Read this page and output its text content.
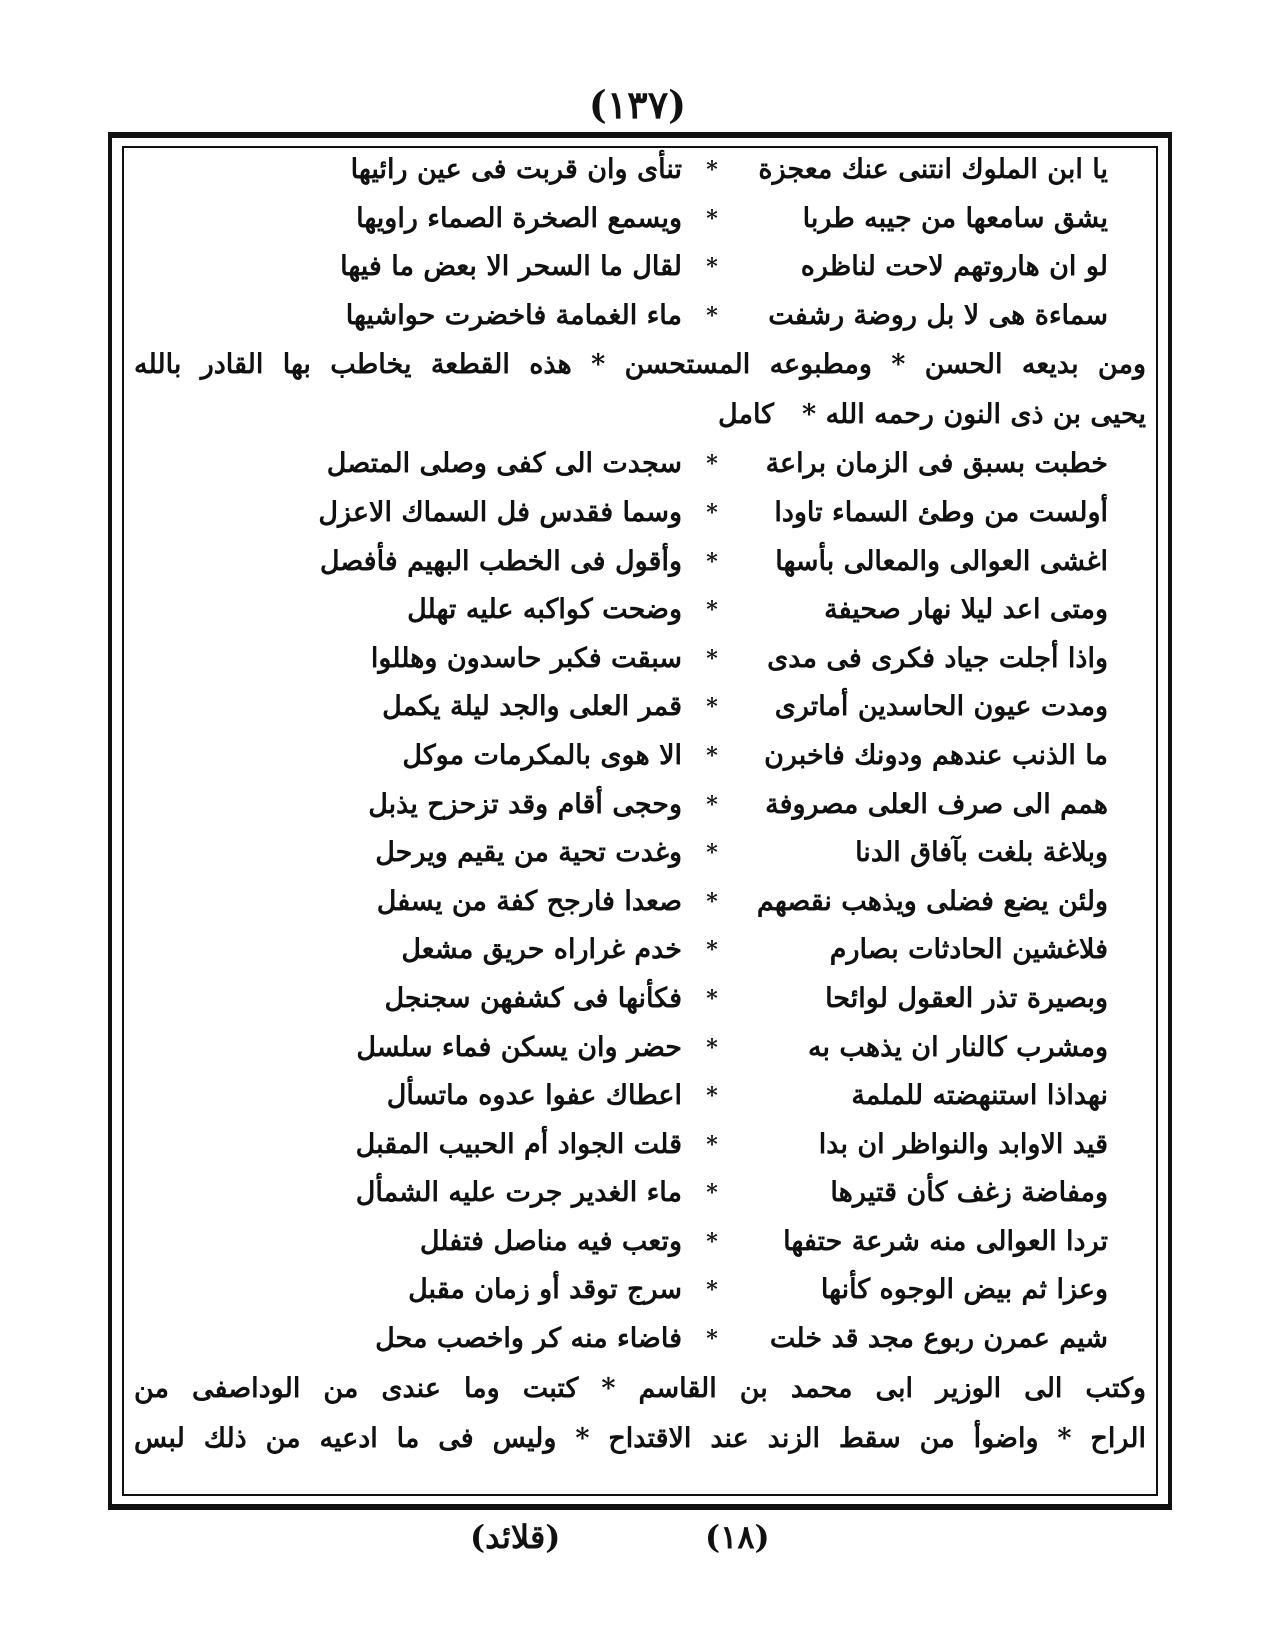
(١٣٧)
يا ابن الملوك انتنى عنك معجزة
*
تنأى وان قربت فى عين رائيها
يشق سامعها من جيبه طربا
*
ويسمع الصخرة الصماء راويها
لو ان هاروتهم لاحت لناظره
*
لقال ما السحر الا بعض ما فيها
سماءة هى لا بل روضة رشفت
*
ماء الغمامة فاخضرت حواشيها
ومن بديعه الحسن * ومطبوعه المستحسن * هذه القطعة يخاطب بها القادر بالله
يحيى بن ذى النون رحمه الله *
كامل
خطبت بسبق فى الزمان براعة
*
سجدت الى كفى وصلى المتصل
أولست من وطئ السماء تاودا
*
وسما فقدس فل السماك الاعزل
اغشى العوالى والمعالى بأسها
*
وأقول فى الخطب البهيم فأفصل
ومتى اعد ليلا نهار صحيفة
*
وضحت كواكبه عليه تهلل
واذا أجلت جياد فكرى فى مدى
*
سبقت فكبر حاسدون وهللوا
ومدت عيون الحاسدين أماترى
*
قمر العلى والجد ليلة يكمل
ما الذنب عندهم ودونك فاخبرن
*
الا هوى بالمكرمات موكل
همم الى صرف العلى مصروفة
*
وحجى أقام وقد تزحزح يذبل
وبلاغة بلغت بآفاق الدنا
*
وغدت تحية من يقيم ويرحل
ولئن يضع فضلى ويذهب نقصهم
*
صعدا فارجح كفة من يسفل
فلاغشين الحادثات بصارم
*
خدم غراراه حريق مشعل
وبصيرة تذر العقول لوائحا
*
فكأنها فى كشفهن سجنجل
ومشرب كالنار ان يذهب به
*
حضر وان يسكن فماء سلسل
نهداذا استنهضته للملمة
*
اعطاك عفوا عدوه ماتسأل
قيد الاوابد والنواظر ان بدا
*
قلت الجواد أم الحبيب المقبل
ومفاضة زغف كأن قتيرها
*
ماء الغدير جرت عليه الشمأل
تردا العوالى منه شرعة حتفها
*
وتعب فيه مناصل فتفلل
وعزا ثم بيض الوجوه كأنها
*
سرج توقد أو زمان مقبل
شيم عمرن ربوع مجد قد خلت
*
فاضاء منه كر واخصب محل
وكتب الى الوزير ابى محمد بن القاسم * كتبت وما عندى من الوداصفى من
الراح * واضوأ من سقط الزند عند الاقتداح * وليس فى ما ادعيه من ذلك لبس
(١٨)
(قلائد)
